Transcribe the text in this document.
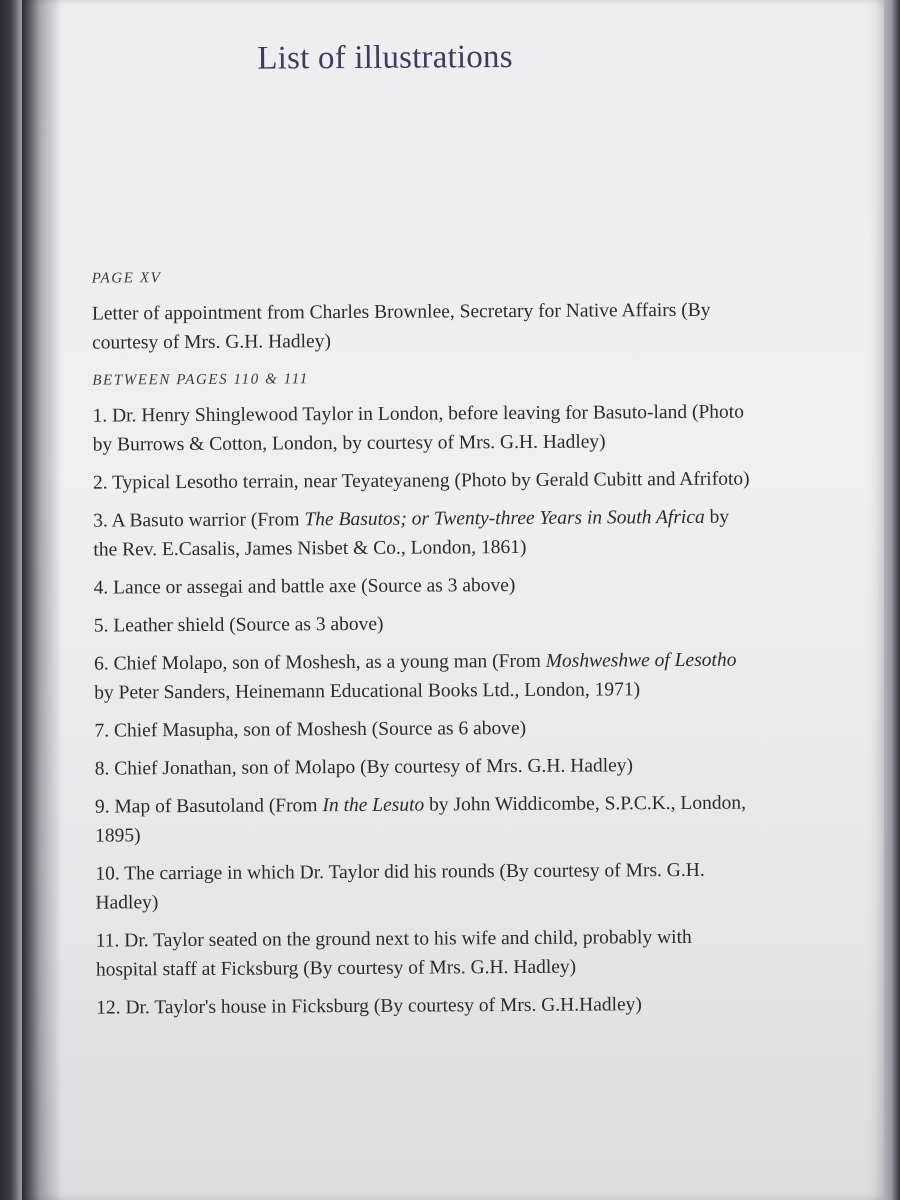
List of illustrations
PAGE XV
Letter of appointment from Charles Brownlee, Secretary for Native Affairs (By courtesy of Mrs. G.H. Hadley)
BETWEEN PAGES 110 & 111
1. Dr. Henry Shinglewood Taylor in London, before leaving for Basuto-land (Photo by Burrows & Cotton, London, by courtesy of Mrs. G.H. Hadley)
2. Typical Lesotho terrain, near Teyateyaneng (Photo by Gerald Cubitt and Afrifoto)
3. A Basuto warrior (From The Basutos; or Twenty-three Years in South Africa by the Rev. E.Casalis, James Nisbet & Co., London, 1861)
4. Lance or assegai and battle axe (Source as 3 above)
5. Leather shield (Source as 3 above)
6. Chief Molapo, son of Moshesh, as a young man (From Moshweshwe of Lesotho by Peter Sanders, Heinemann Educational Books Ltd., London, 1971)
7. Chief Masupha, son of Moshesh (Source as 6 above)
8. Chief Jonathan, son of Molapo (By courtesy of Mrs. G.H. Hadley)
9. Map of Basutoland (From In the Lesuto by John Widdicombe, S.P.C.K., London, 1895)
10. The carriage in which Dr. Taylor did his rounds (By courtesy of Mrs. G.H. Hadley)
11. Dr. Taylor seated on the ground next to his wife and child, probably with hospital staff at Ficksburg (By courtesy of Mrs. G.H. Hadley)
12. Dr. Taylor's house in Ficksburg (By courtesy of Mrs. G.H.Hadley)
